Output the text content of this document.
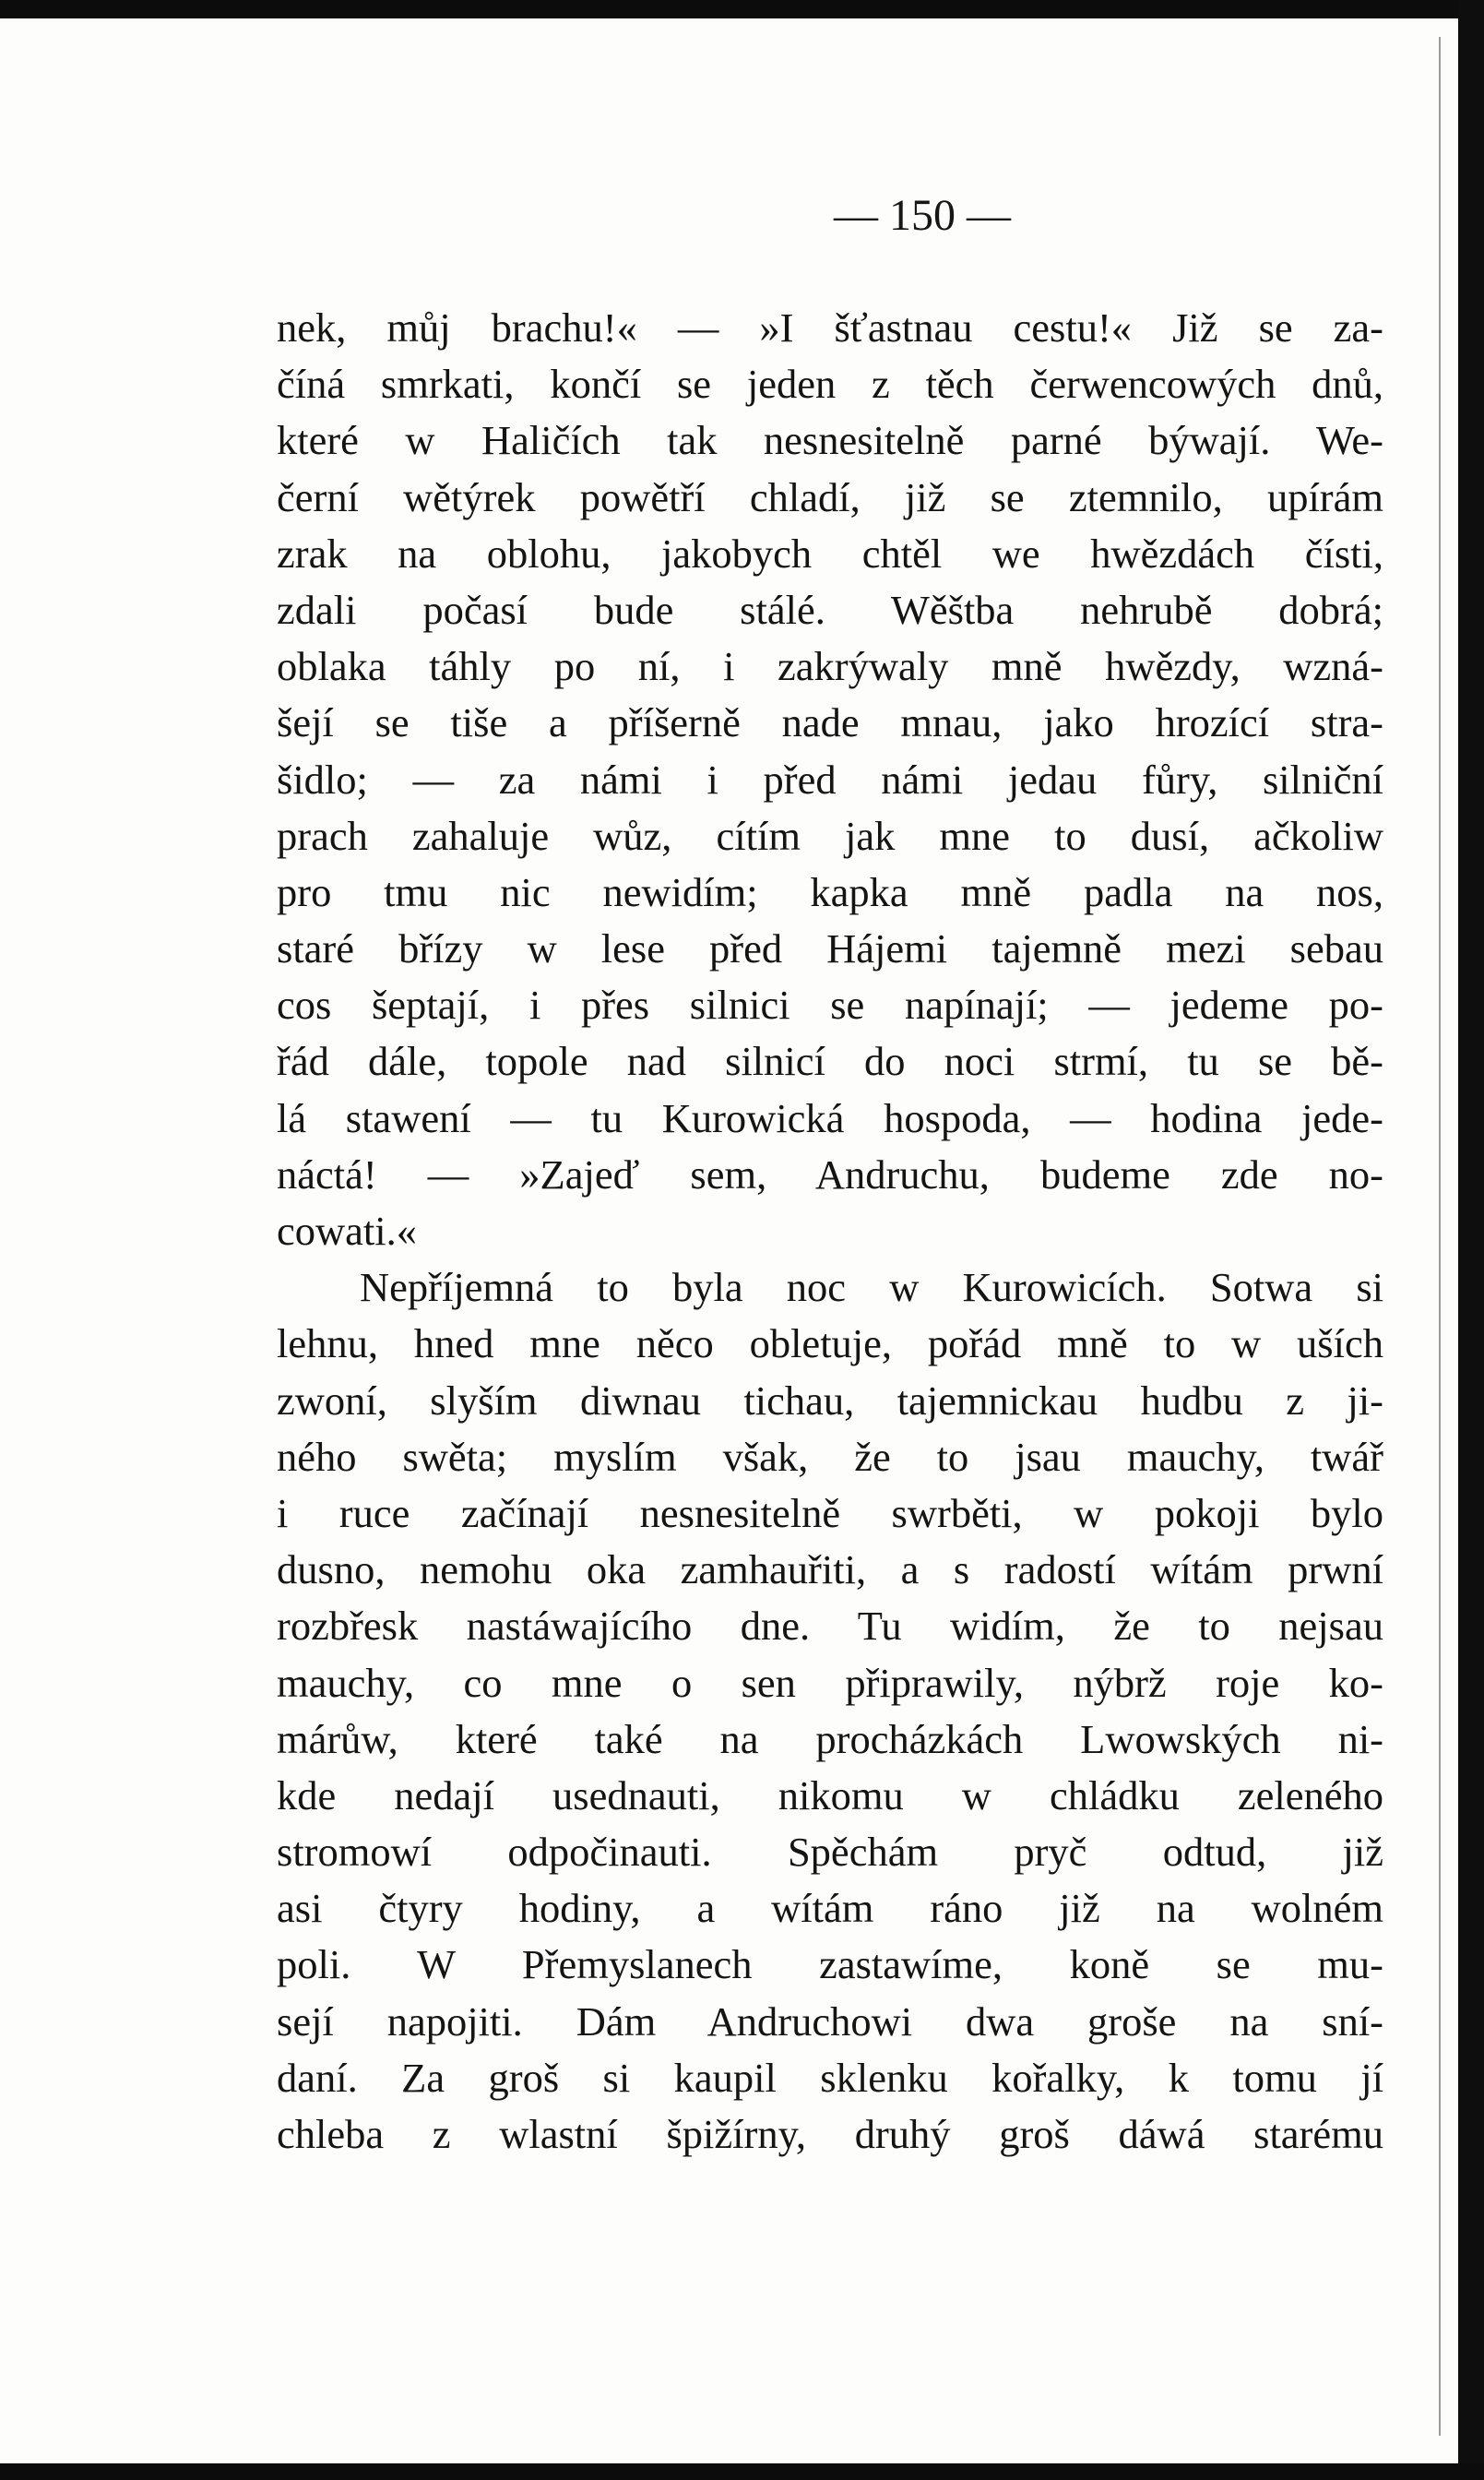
— 150 —
nek, můj brachu!« — »I šťastnau cestu!« Již se za-
číná smrkati, končí se jeden z těch čerwencowých dnů,
které w Haličích tak nesnesitelně parné býwají. We-
černí wětýrek powětří chladí, již se ztemnilo, upírám
zrak na oblohu, jakobych chtěl we hwězdách čísti,
zdali počasí bude stálé. Wěštba nehrubě dobrá;
oblaka táhly po ní, i zakrýwaly mně hwězdy, wzná-
šejí se tiše a příšerně nade mnau, jako hrozící stra-
šidlo; — za námi i před námi jedau fůry, silniční
prach zahaluje wůz, cítím jak mne to dusí, ačkoliw
pro tmu nic newidím; kapka mně padla na nos,
staré břízy w lese před Hájemi tajemně mezi sebau
cos šeptají, i přes silnici se napínají; — jedeme po-
řád dále, topole nad silnicí do noci strmí, tu se bě-
lá stawení — tu Kurowická hospoda, — hodina jede-
náctá! — »Zajeď sem, Andruchu, budeme zde no-
cowati.«
Nepříjemná to byla noc w Kurowicích. Sotwa si
lehnu, hned mne něco obletuje, pořád mně to w uších
zwoní, slyším diwnau tichau, tajemnickau hudbu z ji-
ného swěta; myslím však, že to jsau mauchy, twář
i ruce začínají nesnesitelně swrběti, w pokoji bylo
dusno, nemohu oka zamhauřiti, a s radostí wítám prwní
rozbřesk nastáwajícího dne. Tu widím, že to nejsau
mauchy, co mne o sen připrawily, nýbrž roje ko-
márůw, které také na procházkách Lwowských ni-
kde nedají usednauti, nikomu w chládku zeleného
stromowí odpočinauti. Spěchám pryč odtud, již
asi čtyry hodiny, a wítám ráno již na wolném
poli. W Přemyslanech zastawíme, koně se mu-
sejí napojiti. Dám Andruchowi dwa groše na sní-
daní. Za groš si kaupil sklenku kořalky, k tomu jí
chleba z wlastní špižírny, druhý groš dáwá starému
